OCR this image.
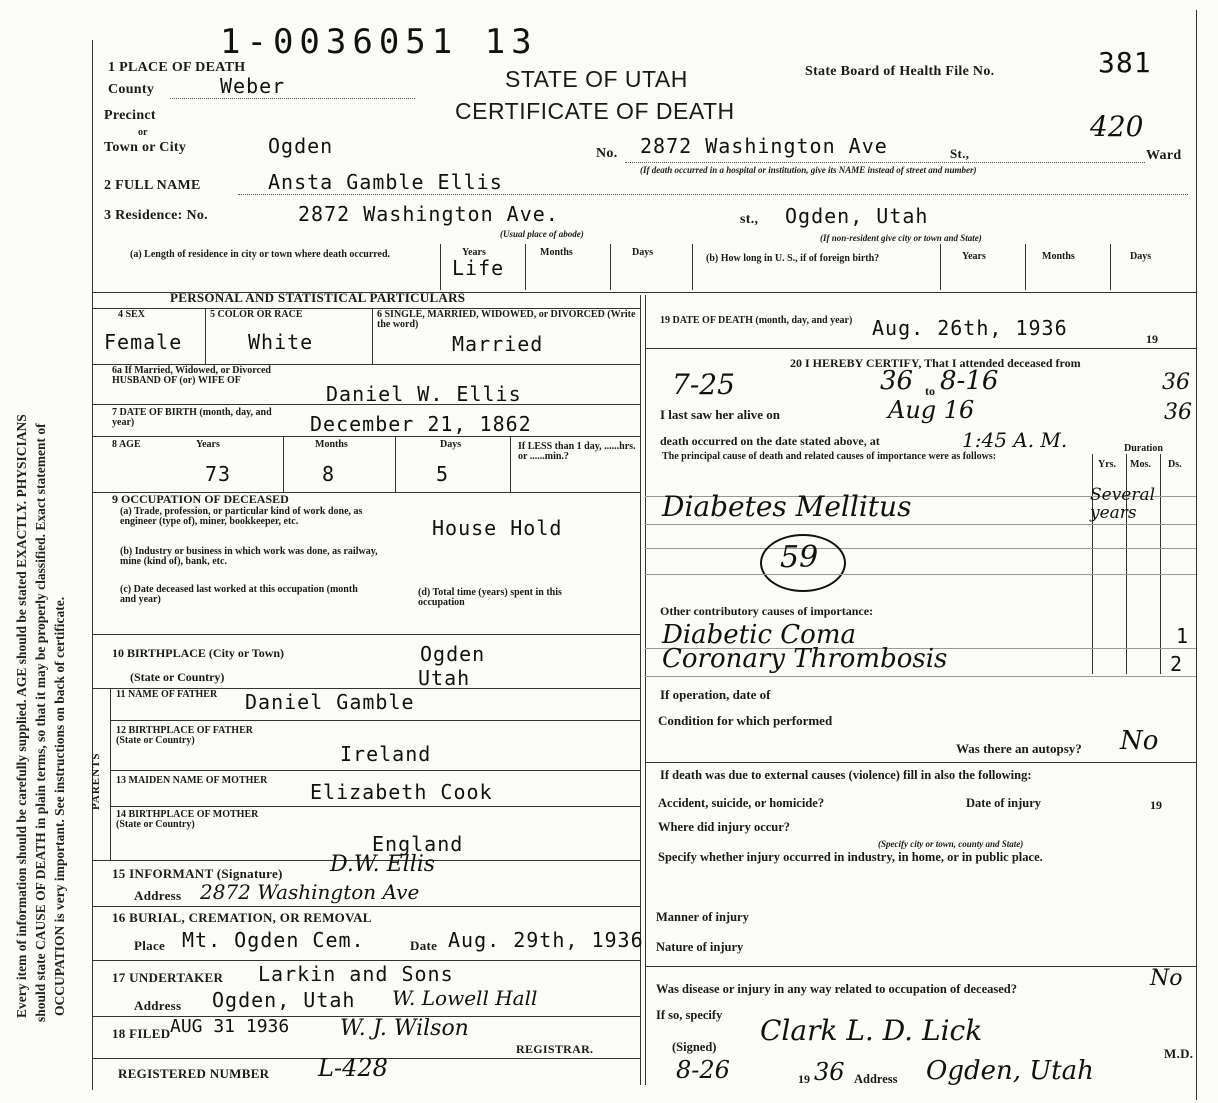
Every item of information should be carefully supplied. AGE should be stated EXACTLY. PHYSICIANS should state CAUSE OF DEATH in plain terms, so that it may be properly classified. Exact statement of OCCUPATION is very important. See instructions on back of certificate.
1-0036051 13
1 PLACE OF DEATH
County	Weber
Precinct
or
Town or City	Ogden
STATE OF UTAH
CERTIFICATE OF DEATH
State Board of Health File No.	381
420
No. 2872 Washington Ave	St.,	Ward
(If death occurred in a hospital or institution, give its NAME instead of street and number)
2 FULL NAME	Ansta Gamble Ellis
3 Residence: No.	2872 Washington Ave.	st., Ogden, Utah
(Usual place of abode)	(If non-resident give city or town and State)
(a) Length of residence in city or town where death occurred.	Years	Months	Days
Life	(b) How long in U. S., if of foreign birth?	Years	Months	Days
PERSONAL AND STATISTICAL PARTICULARS
4 SEX	5 COLOR OR RACE	6 SINGLE, MARRIED, WIDOWED, or DIVORCED (Write the word)
Female	White	Married
6a If Married, Widowed, or Divorced HUSBAND OF (or) WIFE OF
Daniel W. Ellis
7 DATE OF BIRTH (month, day, and year)	December 21, 1862
8 AGE	Years	Months	Days	If LESS than 1 day, ......hrs. or ......min.?
73	8	5
9 OCCUPATION OF DECEASED
(a) Trade, profession, or particular kind of work done, as engineer (type of), miner, bookkeeper, etc.	House Hold
(b) Industry or business in which work was done, as railway, mine (kind of), bank, etc.
(c) Date deceased last worked at this occupation (month and year)
(d) Total time (years) spent in this occupation
10 BIRTHPLACE (City or Town)	Ogden
(State or Country)	Utah
PARENTS
11 NAME OF FATHER	Daniel Gamble
12 BIRTHPLACE OF FATHER (State or Country)
Ireland
13 MAIDEN NAME OF MOTHER	Elizabeth Cook
14 BIRTHPLACE OF MOTHER (State or Country)
England
15 INFORMANT (Signature) D.W. Ellis
Address 2872 Washington Ave
16 BURIAL, CREMATION, OR REMOVAL
Place Mt. Ogden Cem.	Date Aug. 29th, 1936
17 UNDERTAKER Larkin and Sons
Address Ogden, Utah W. Lowell Hall
18 FILED AUG 31 1936 W. J. Wilson
REGISTRAR.
REGISTERED NUMBER L-428
19 DATE OF DEATH (month, day, and year) Aug. 26th, 1936	19
20 I HEREBY CERTIFY, That I attended deceased from
7-25	36 to 8-16	36
I last saw her alive on	Aug 16	36
death occurred on the date stated above, at	1:45 A. M.	Duration
The principal cause of death and related causes of importance were as follows:
Yrs. Mos. Ds.
Diabetes Mellitus	Several years
59
Other contributory causes of importance:
Diabetic Coma	1
Coronary Thrombosis	2
If operation, date of
Condition for which performed
Was there an autopsy? No
If death was due to external causes (violence) fill in also the following:
Accident, suicide, or homicide?	Date of injury	19
Where did injury occur?
(Specify city or town, county and State)
Specify whether injury occurred in industry, in home, or in public place.
Manner of injury
Nature of injury
Was disease or injury in any way related to occupation of deceased?	No
If so, specify
(Signed) Clark L. D. Lick
M.D.
8-26	19 36 Address Ogden, Utah
